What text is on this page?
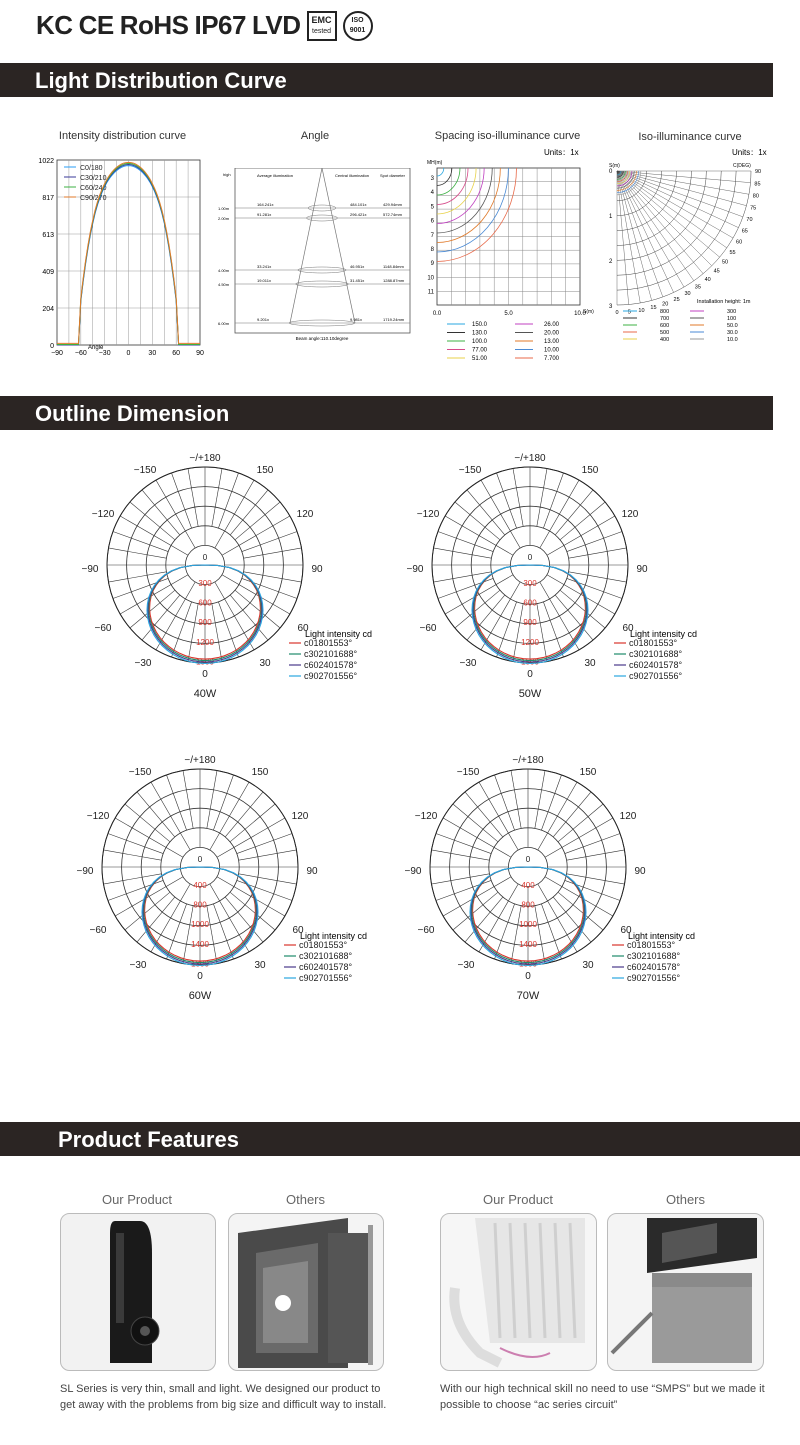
KC CE RoHS IP67 LVD	EMC
tested
ISO
9001
Light Distribution Curve
Outline Dimension
Product Features
Intensity distribution curve	Angle	Spacing iso-illuminance curve	Iso-illuminance curve
1022
817
613
409
204
0
−90 −60 −30 0	30 60 90
Angle
C0/180
C30/210
C60/240
C90/270
high	Average illumination	Central illumination	Spot diameter
1.00m
164.241x	484.101x	429.94mm
2.00m
91.281x	296.421x	572.74mm
4.00m
33.241x	46.951x	1148.84mm
4.50m
19.011x	31.451x	1288.87mm
6.00m
9.201x	9.981x	1719.24mm
Beam angle:110.10degree
MH(m)
Units：1x
3
4
5
6
7
8
9
10
11
0.0	5.0	10.0
S(m)
150.0
130.0
100.0
77.00
51.00
26.00
20.00
13.00
10.00
7.700
S(m)	C(DEG)
Units：1x
90
85
80
75
70
65
60
55
50
45
40
35
30
25
20
15
10
5
0
0
1
2
3
Installation height: 1m
800
700
600
500
400
300
100
50.0
30.0
10.0
−/+180
−150	150
−120	120
−90	90
−60	60
−30	30
0
0
300
600
900
1200
1500
Light intensity cd
c01801553°
c302101688°
c602401578°
c902701556°
40W
−/+180
−150	150
−120	120
−90	90
−60	60
−30	30
0
0
300
600
900
1200
1500
Light intensity cd
c01801553°
c302101688°
c602401578°
c902701556°
50W
−/+180
−150	150
−120	120
−90	90
−60	60
−30	30
0
0
400
800
1000
1400
1800
Light intensity cd
c01801553°
c302101688°
c602401578°
c902701556°
60W
−/+180
−150	150
−120	120
−90	90
−60	60
−30	30
0
0
400
800
1000
1400
1800
Light intensity cd
c01801553°
c302101688°
c602401578°
c902701556°
70W
Our Product	Others	Our Product	Others
SL Series is very thin, small and light. We designed our product to get away with the problems from big size and difficult way to install.
With our high technical skill no need to use “SMPS” but we made it possible to choose “ac series circuit”
